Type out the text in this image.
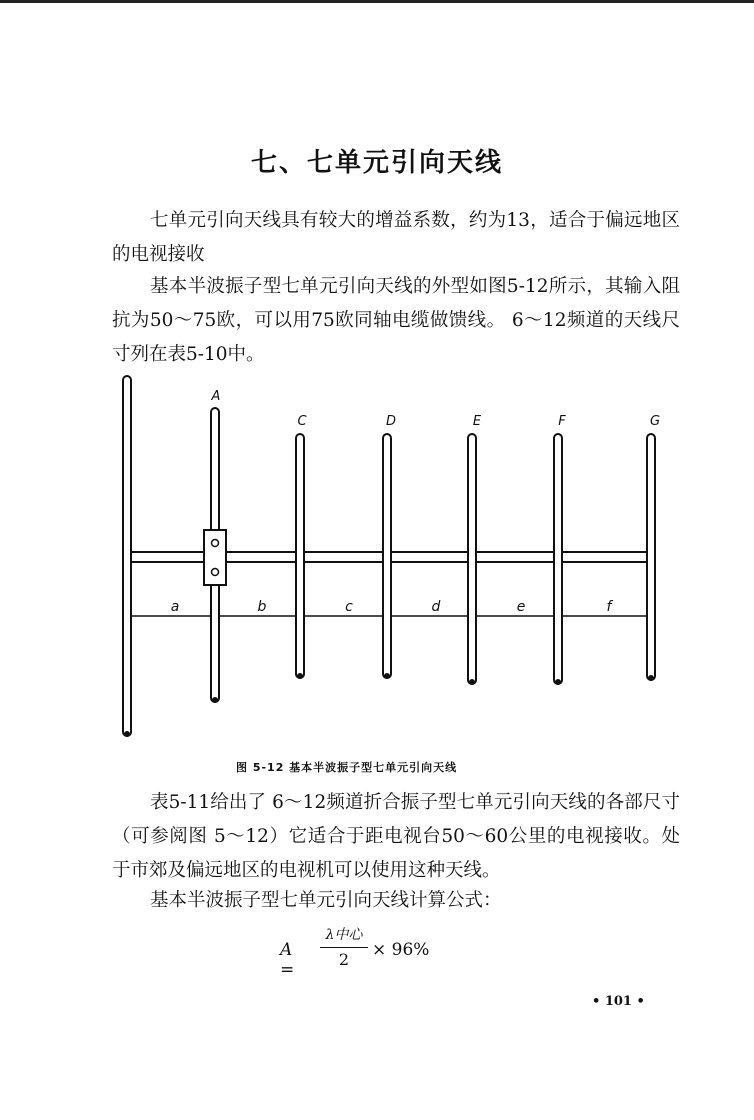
七、七单元引向天线

七单元引向天线具有较大的增益系数，约为13，适合于偏远地区的电视接收

基本半波振子型七单元引向天线的外型如图5-12所示，其输入阻抗为50～75欧，可以用75欧同轴电缆做馈线。 6～12频道的天线尺寸列在表5-10中。

A
C	D	E	F	G
a	b	c	d	e	f
图 5-12 基本半波振子型七单元引向天线

表5-11给出了 6～12频道折合振子型七单元引向天线的各部尺寸（可参阅图 5～12）它适合于距电视台50～60公里的电视接收。处于市郊及偏远地区的电视机可以使用这种天线。

基本半波振子型七单元引向天线计算公式：

A =
λ中心
2	× 96%
• 101 •
